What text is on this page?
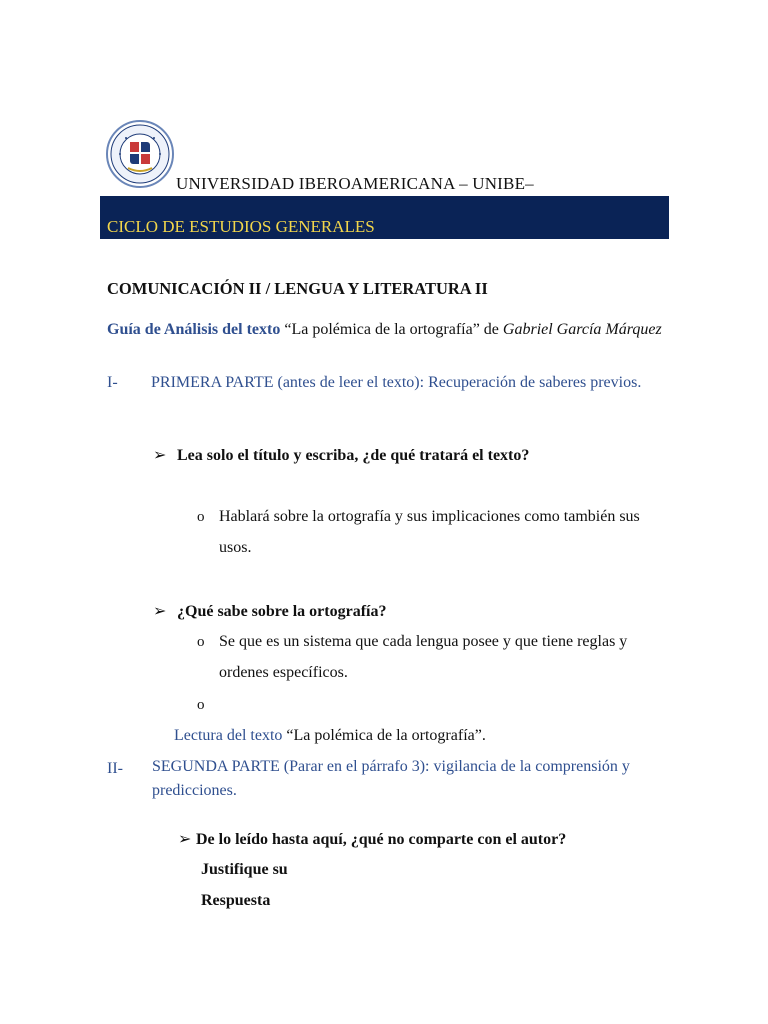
UNIVERSIDAD IBEROAMERICANA – UNIBE–
CICLO DE ESTUDIOS GENERALES
COMUNICACIÓN II / LENGUA Y LITERATURA II
Guía de Análisis del texto “La polémica de la ortografía” de Gabriel García Márquez
I- PRIMERA PARTE (antes de leer el texto): Recuperación de saberes previos.
➢ Lea solo el título y escriba, ¿de qué tratará el texto?
o Hablará sobre la ortografía y sus implicaciones como también sus usos.
➢ ¿Qué sabe sobre la ortografía?
o Se que es un sistema que cada lengua posee y que tiene reglas y ordenes específicos.
o
Lectura del texto “La polémica de la ortografía”.
II- SEGUNDA PARTE (Parar en el párrafo 3): vigilancia de la comprensión y predicciones.
➢ De lo leído hasta aquí, ¿qué no comparte con el autor?
Justifique su
Respuesta
